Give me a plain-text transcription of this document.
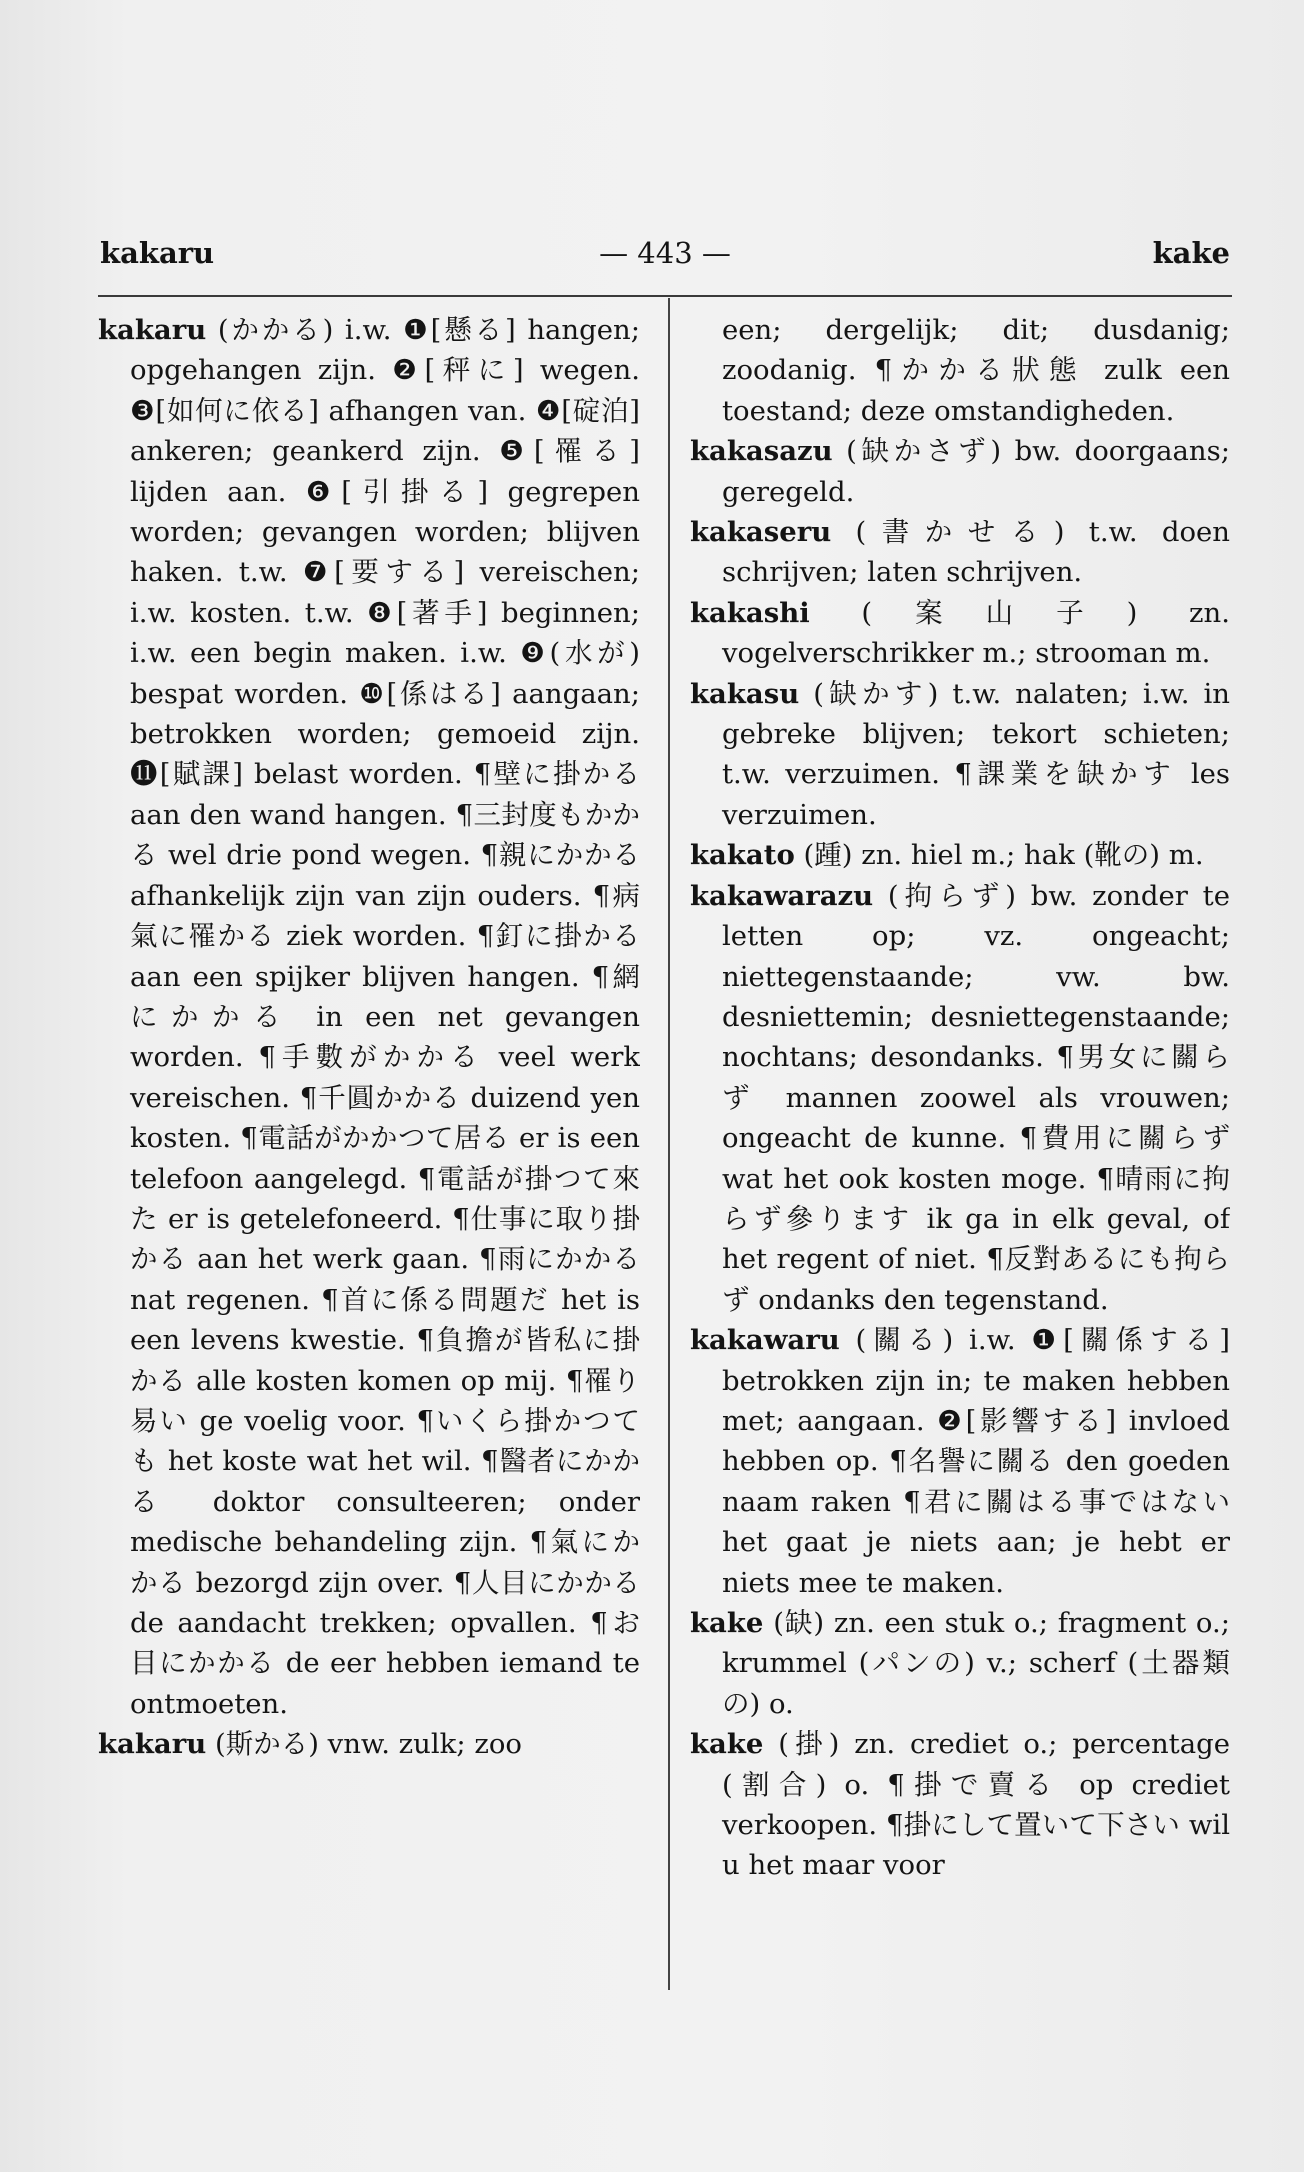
kakaru	— 443 —	kake

kakaru (かかる) i.w. ❶[懸る] hangen; opgehangen zijn. ❷[秤に] wegen. ❸[如何に依る] afhangen van. ❹[碇泊] ankeren; geankerd zijn. ❺[罹る] lijden aan. ❻[引掛る] gegrepen worden; gevangen worden; blijven haken. t.w. ❼[要する] vereischen; i.w. kosten. t.w. ❽[著手] beginnen; i.w. een begin maken. i.w. ❾(水が) bespat worden. ❿[係はる] aangaan; betrokken worden; gemoeid zijn. ⓫[賦課] belast worden. ¶壁に掛かる aan den wand hangen. ¶三封度もかかる wel drie pond wegen. ¶親にかかる afhankelijk zijn van zijn ouders. ¶病氣に罹かる ziek worden. ¶釘に掛かる aan een spijker blijven hangen. ¶網にかかる in een net gevangen worden. ¶手數がかかる veel werk vereischen. ¶千圓かかる duizend yen kosten. ¶電話がかかつて居る er is een telefoon aangelegd. ¶電話が掛つて來た er is getelefoneerd. ¶仕事に取り掛かる aan het werk gaan. ¶雨にかかる nat regenen. ¶首に係る問題だ het is een levens kwestie. ¶負擔が皆私に掛かる alle kosten komen op mij. ¶罹り易い ge voelig voor. ¶いくら掛かつても het koste wat het wil. ¶醫者にかかる doktor consulteeren; onder medische behandeling zijn. ¶氣にかかる bezorgd zijn over. ¶人目にかかる de aandacht trekken; opvallen. ¶お目にかかる de eer hebben iemand te ontmoeten.

kakaru (斯かる) vnw. zulk; zoo

een; dergelijk; dit; dusdanig; zoodanig. ¶かかる狀態 zulk een toestand; deze omstandigheden.

kakasazu (缺かさず) bw. doorgaans; geregeld.

kakaseru (書かせる) t.w. doen schrijven; laten schrijven.

kakashi (案山子) zn. vogelverschrikker m.; strooman m.

kakasu (缺かす) t.w. nalaten; i.w. in gebreke blijven; tekort schieten; t.w. verzuimen. ¶課業を缺かす les verzuimen.

kakato (踵) zn. hiel m.; hak (靴の) m.

kakawarazu (拘らず) bw. zonder te letten op; vz. ongeacht; niettegenstaande; vw. bw. desniettemin; desniettegenstaande; nochtans; desondanks. ¶男女に關らず mannen zoowel als vrouwen; ongeacht de kunne. ¶費用に關らず wat het ook kosten moge. ¶晴雨に拘らず參ります ik ga in elk geval, of het regent of niet. ¶反對あるにも拘らず ondanks den tegenstand.

kakawaru (關る) i.w. ❶[關係する] betrokken zijn in; te maken hebben met; aangaan. ❷[影響する] invloed hebben op. ¶名譽に關る den goeden naam raken ¶君に關はる事ではない het gaat je niets aan; je hebt er niets mee te maken.

kake (缺) zn. een stuk o.; fragment o.; krummel (パンの) v.; scherf (土器類の) o.

kake (掛) zn. crediet o.; percentage (割合) o. ¶掛で賣る op crediet verkoopen. ¶掛にして置いて下さい wil u het maar voor
